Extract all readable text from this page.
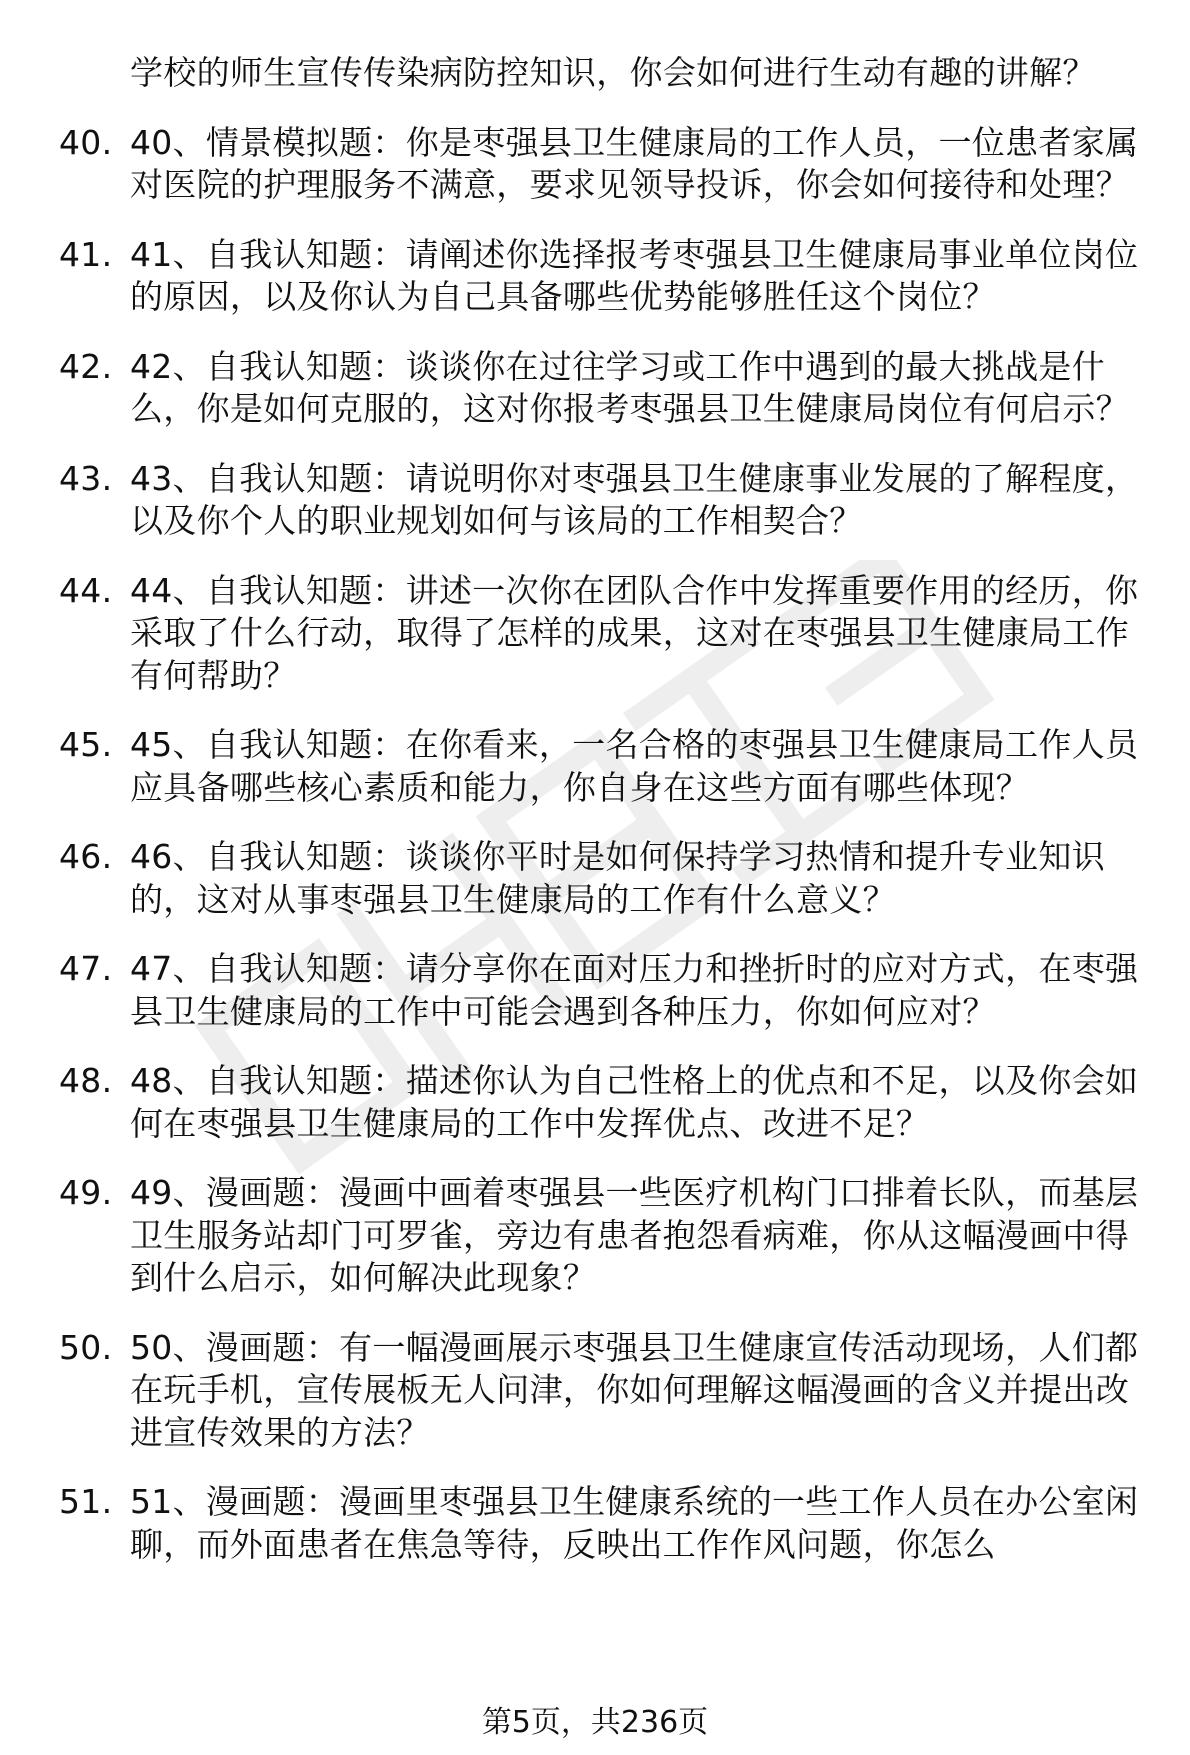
学校的师生宣传传染病防控知识，你会如何进行生动有趣的讲解？
40. 40、情景模拟题：你是枣强县卫生健康局的工作人员，一位患者家属对医院的护理服务不满意，要求见领导投诉，你会如何接待和处理？
41. 41、自我认知题：请阐述你选择报考枣强县卫生健康局事业单位岗位的原因，以及你认为自己具备哪些优势能够胜任这个岗位？
42. 42、自我认知题：谈谈你在过往学习或工作中遇到的最大挑战是什么，你是如何克服的，这对你报考枣强县卫生健康局岗位有何启示？
43. 43、自我认知题：请说明你对枣强县卫生健康事业发展的了解程度，以及你个人的职业规划如何与该局的工作相契合？
44. 44、自我认知题：讲述一次你在团队合作中发挥重要作用的经历，你采取了什么行动，取得了怎样的成果，这对在枣强县卫生健康局工作有何帮助？
45. 45、自我认知题：在你看来，一名合格的枣强县卫生健康局工作人员应具备哪些核心素质和能力，你自身在这些方面有哪些体现？
46. 46、自我认知题：谈谈你平时是如何保持学习热情和提升专业知识的，这对从事枣强县卫生健康局的工作有什么意义？
47. 47、自我认知题：请分享你在面对压力和挫折时的应对方式，在枣强县卫生健康局的工作中可能会遇到各种压力，你如何应对？
48. 48、自我认知题：描述你认为自己性格上的优点和不足，以及你会如何在枣强县卫生健康局的工作中发挥优点、改进不足？
49. 49、漫画题：漫画中画着枣强县一些医疗机构门口排着长队，而基层卫生服务站却门可罗雀，旁边有患者抱怨看病难，你从这幅漫画中得到什么启示，如何解决此现象？
50. 50、漫画题：有一幅漫画展示枣强县卫生健康宣传活动现场，人们都在玩手机，宣传展板无人问津，你如何理解这幅漫画的含义并提出改进宣传效果的方法？
51. 51、漫画题：漫画里枣强县卫生健康系统的一些工作人员在办公室闲聊，而外面患者在焦急等待，反映出工作作风问题，你怎么
第5页，共236页
